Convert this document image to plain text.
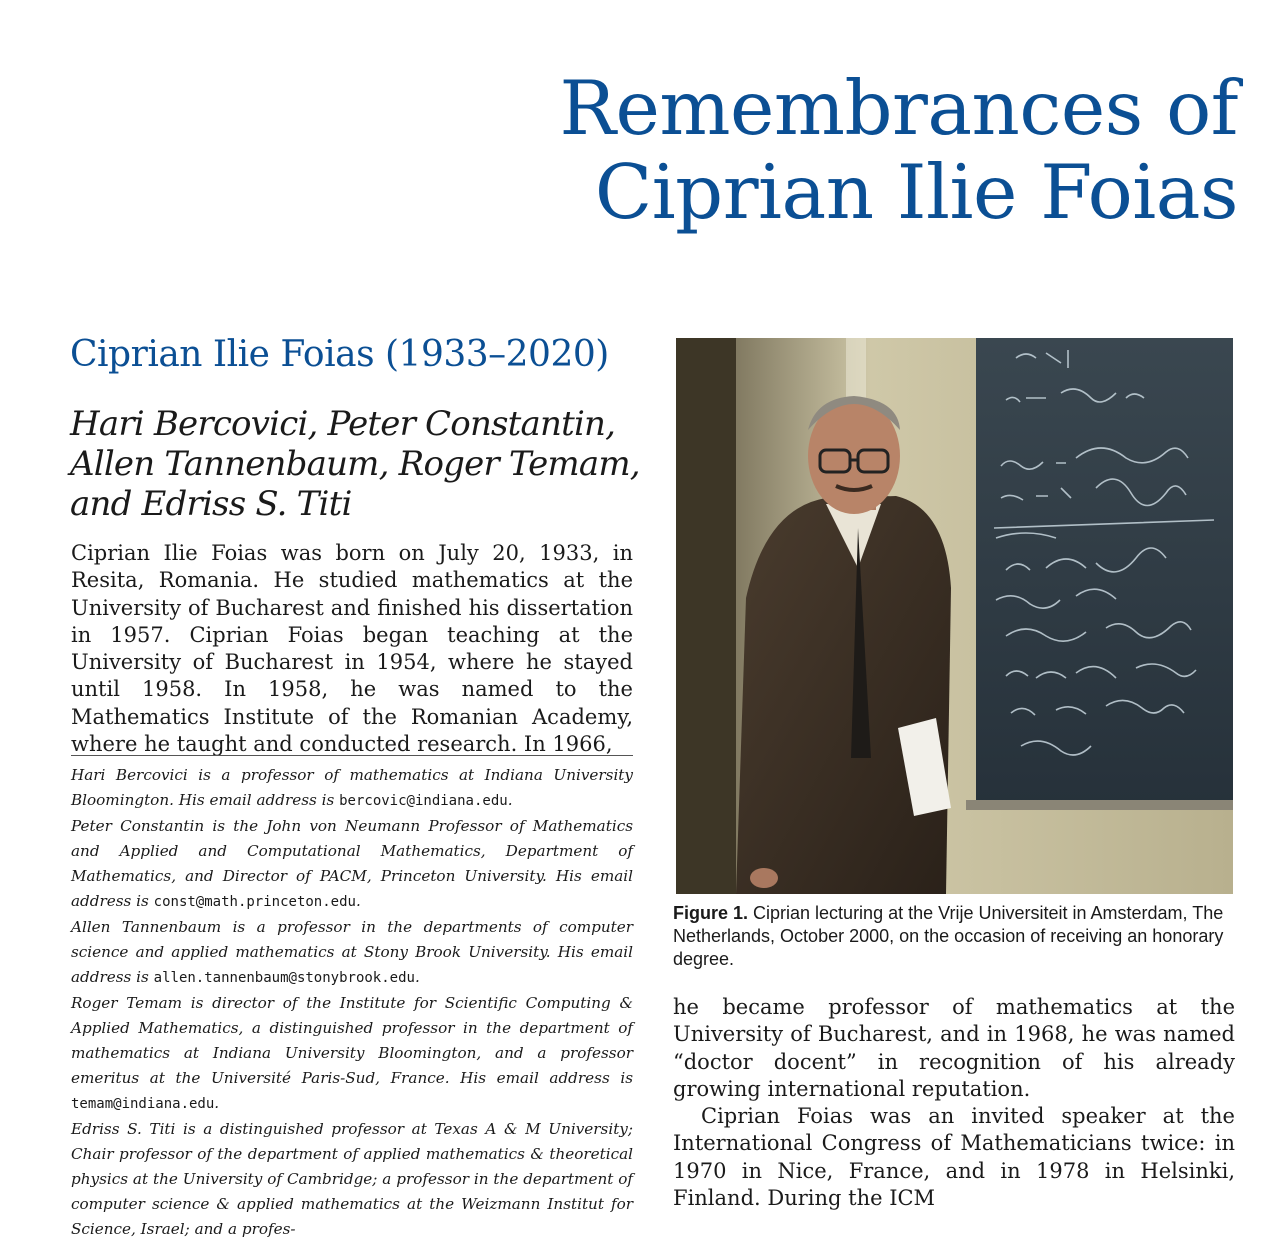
Remembrances of
Ciprian Ilie Foias
Ciprian Ilie Foias (1933–2020)
Hari Bercovici, Peter Constantin,
Allen Tannenbaum, Roger Temam,
and Edriss S. Titi

Ciprian Ilie Foias was born on July 20, 1933, in Resita, Romania. He studied mathematics at the University of Bucharest and finished his dissertation in 1957. Ciprian Foias began teaching at the University of Bucharest in 1954, where he stayed until 1958. In 1958, he was named to the Mathematics Institute of the Romanian Academy, where he taught and conducted research. In 1966,

Hari Bercovici is a professor of mathematics at Indiana University Bloomington. His email address is bercovic@indiana.edu.

Peter Constantin is the John von Neumann Professor of Mathematics and Applied and Computational Mathematics, Department of Mathematics, and Director of PACM, Princeton University. His email address is const@math.princeton.edu.

Allen Tannenbaum is a professor in the departments of computer science and applied mathematics at Stony Brook University. His email address is allen.tannenbaum@stonybrook.edu.

Roger Temam is director of the Institute for Scientific Computing & Applied Mathematics, a distinguished professor in the department of mathematics at Indiana University Bloomington, and a professor emeritus at the Université Paris-Sud, France. His email address is temam@indiana.edu.

Edriss S. Titi is a distinguished professor at Texas A & M University; Chair professor of the department of applied mathematics & theoretical physics at the University of Cambridge; a professor in the department of computer science & applied mathematics at the Weizmann Institut for Science, Israel; and a profes-

Figure 1. Ciprian lecturing at the Vrije Universiteit in Amsterdam, The Netherlands, October 2000, on the occasion of receiving an honorary degree.

he became professor of mathematics at the University of Bucharest, and in 1968, he was named “doctor docent” in recognition of his already growing international reputation.

Ciprian Foias was an invited speaker at the International Congress of Mathematicians twice: in 1970 in Nice, France, and in 1978 in Helsinki, Finland. During the ICM
